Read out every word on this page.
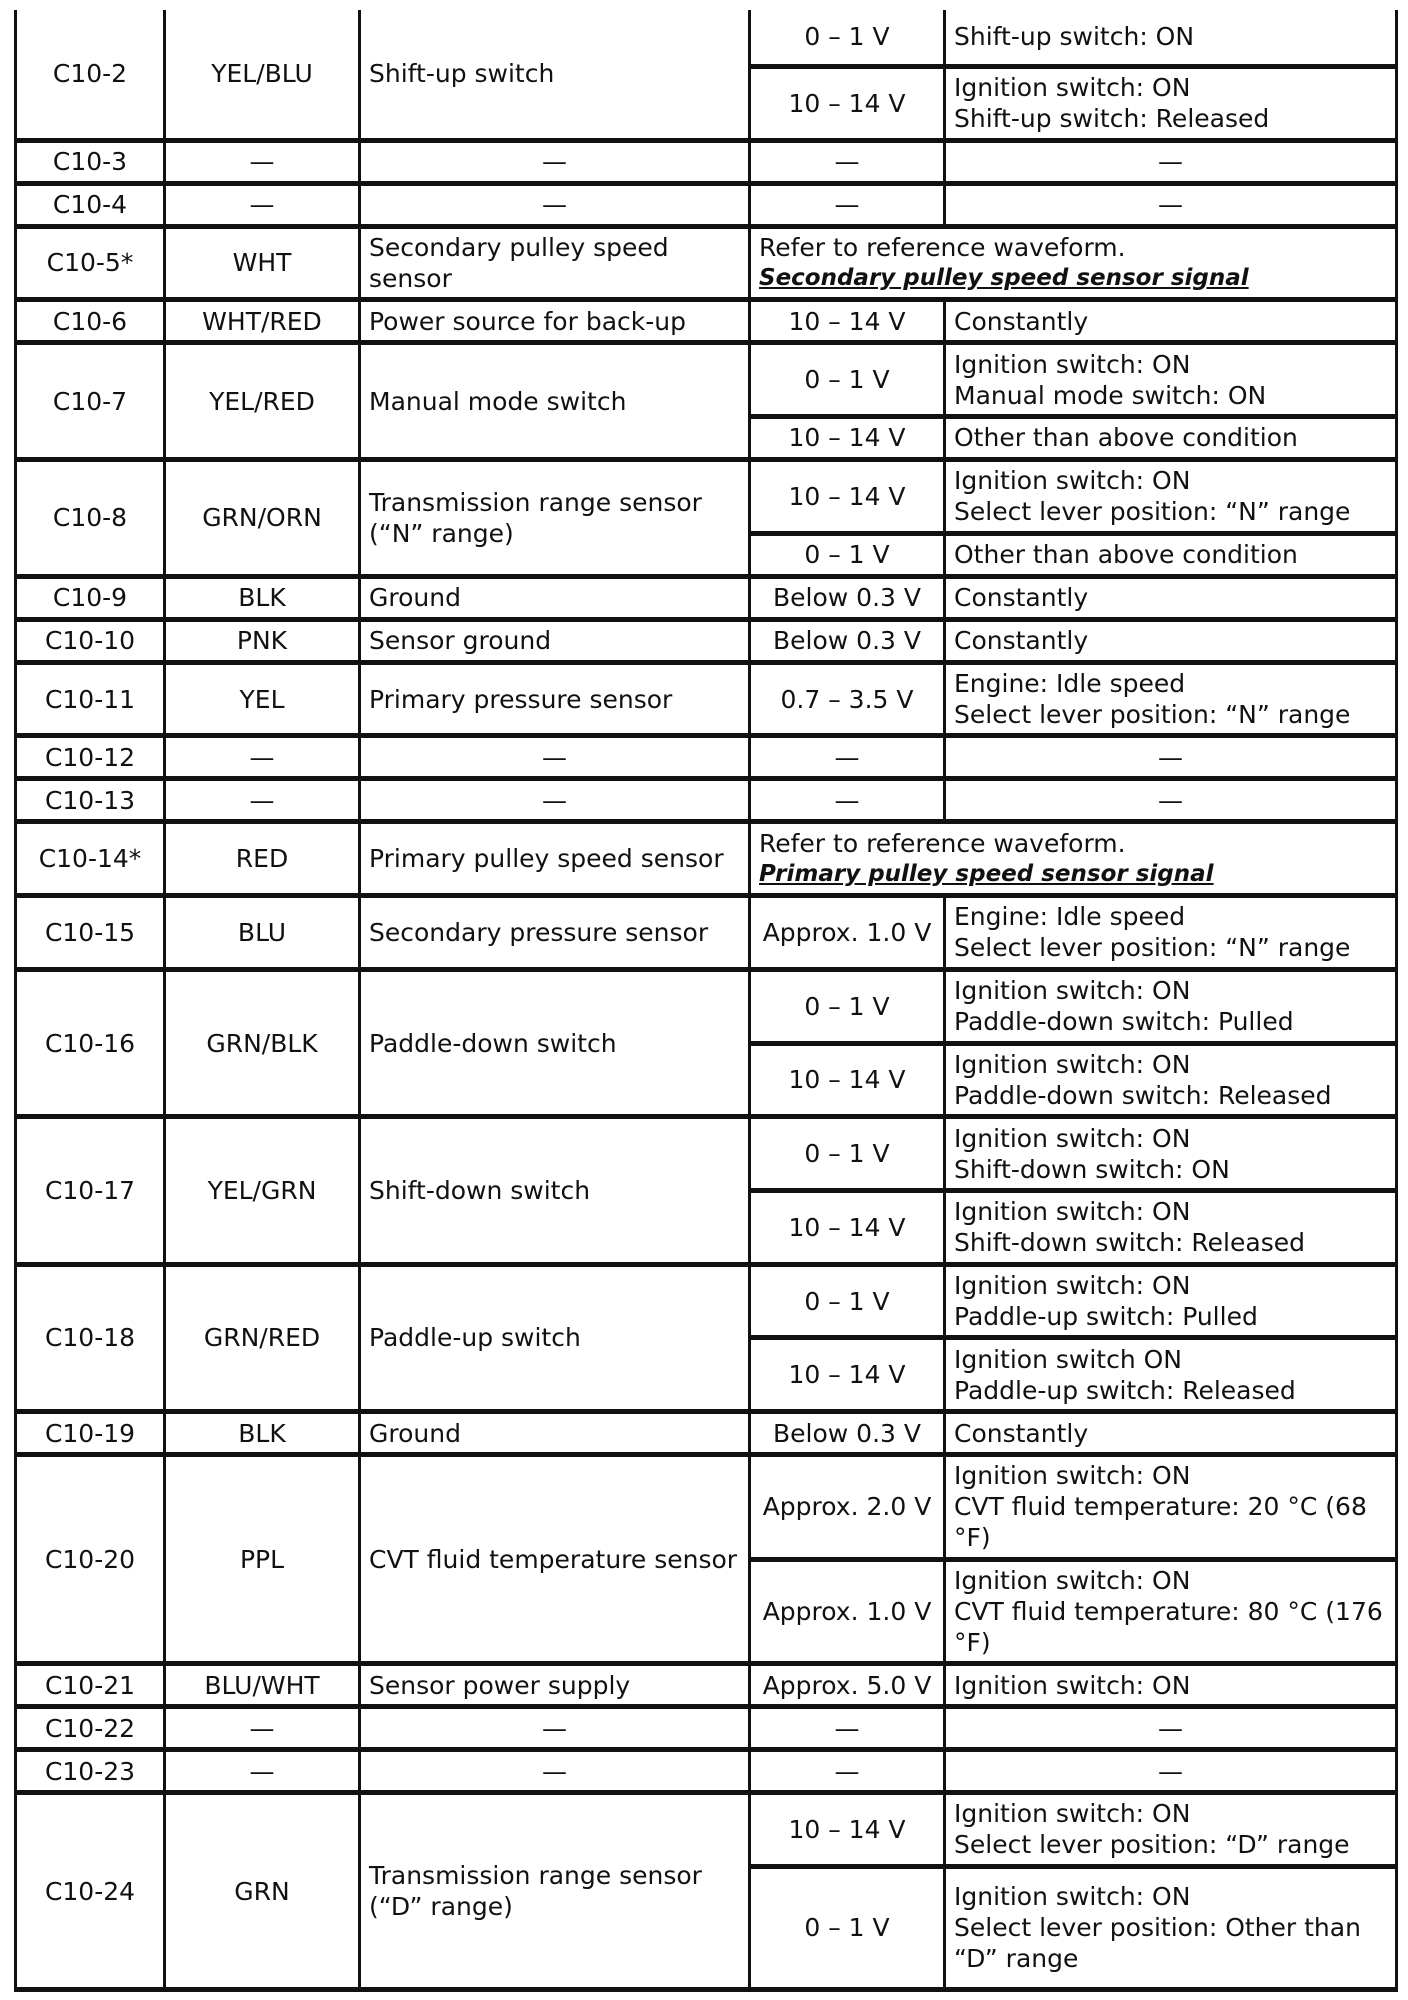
C10-2	YEL/BLU	Shift-up switch	0 – 1 V	Shift-up switch: ON

			10 – 14 V	Ignition switch: ON
Shift-up switch: Released

C10-3	—	—	—	—

C10-4	—	—	—	—

C10-5*	WHT	Secondary pulley speed sensor	Refer to reference waveform.
Secondary pulley speed sensor signal	

C10-6	WHT/RED	Power source for back-up	10 – 14 V	Constantly

C10-7	YEL/RED	Manual mode switch	0 – 1 V	Ignition switch: ON
Manual mode switch: ON

			10 – 14 V	Other than above condition

C10-8	GRN/ORN	Transmission range sensor (“N” range)	10 – 14 V	Ignition switch: ON
Select lever position: “N” range

			0 – 1 V	Other than above condition

C10-9	BLK	Ground	Below 0.3 V	Constantly

C10-10	PNK	Sensor ground	Below 0.3 V	Constantly

C10-11	YEL	Primary pressure sensor	0.7 – 3.5 V	Engine: Idle speed
Select lever position: “N” range

C10-12	—	—	—	—

C10-13	—	—	—	—

C10-14*	RED	Primary pulley speed sensor	Refer to reference waveform.
Primary pulley speed sensor signal	

C10-15	BLU	Secondary pressure sensor	Approx. 1.0 V	Engine: Idle speed
Select lever position: “N” range

C10-16	GRN/BLK	Paddle-down switch	0 – 1 V	Ignition switch: ON
Paddle-down switch: Pulled

			10 – 14 V	Ignition switch: ON
Paddle-down switch: Released

C10-17	YEL/GRN	Shift-down switch	0 – 1 V	Ignition switch: ON
Shift-down switch: ON

			10 – 14 V	Ignition switch: ON
Shift-down switch: Released

C10-18	GRN/RED	Paddle-up switch	0 – 1 V	Ignition switch: ON
Paddle-up switch: Pulled

			10 – 14 V	Ignition switch ON
Paddle-up switch: Released

C10-19	BLK	Ground	Below 0.3 V	Constantly

C10-20	PPL	CVT fluid temperature sensor	Approx. 2.0 V	Ignition switch: ON
CVT fluid temperature: 20 °C (68 °F)

			Approx. 1.0 V	Ignition switch: ON
CVT fluid temperature: 80 °C (176 °F)

C10-21	BLU/WHT	Sensor power supply	Approx. 5.0 V	Ignition switch: ON

C10-22	—	—	—	—

C10-23	—	—	—	—

C10-24	GRN	Transmission range sensor (“D” range)	10 – 14 V	Ignition switch: ON
Select lever position: “D” range

			0 – 1 V	Ignition switch: ON
Select lever position: Other than “D” range
